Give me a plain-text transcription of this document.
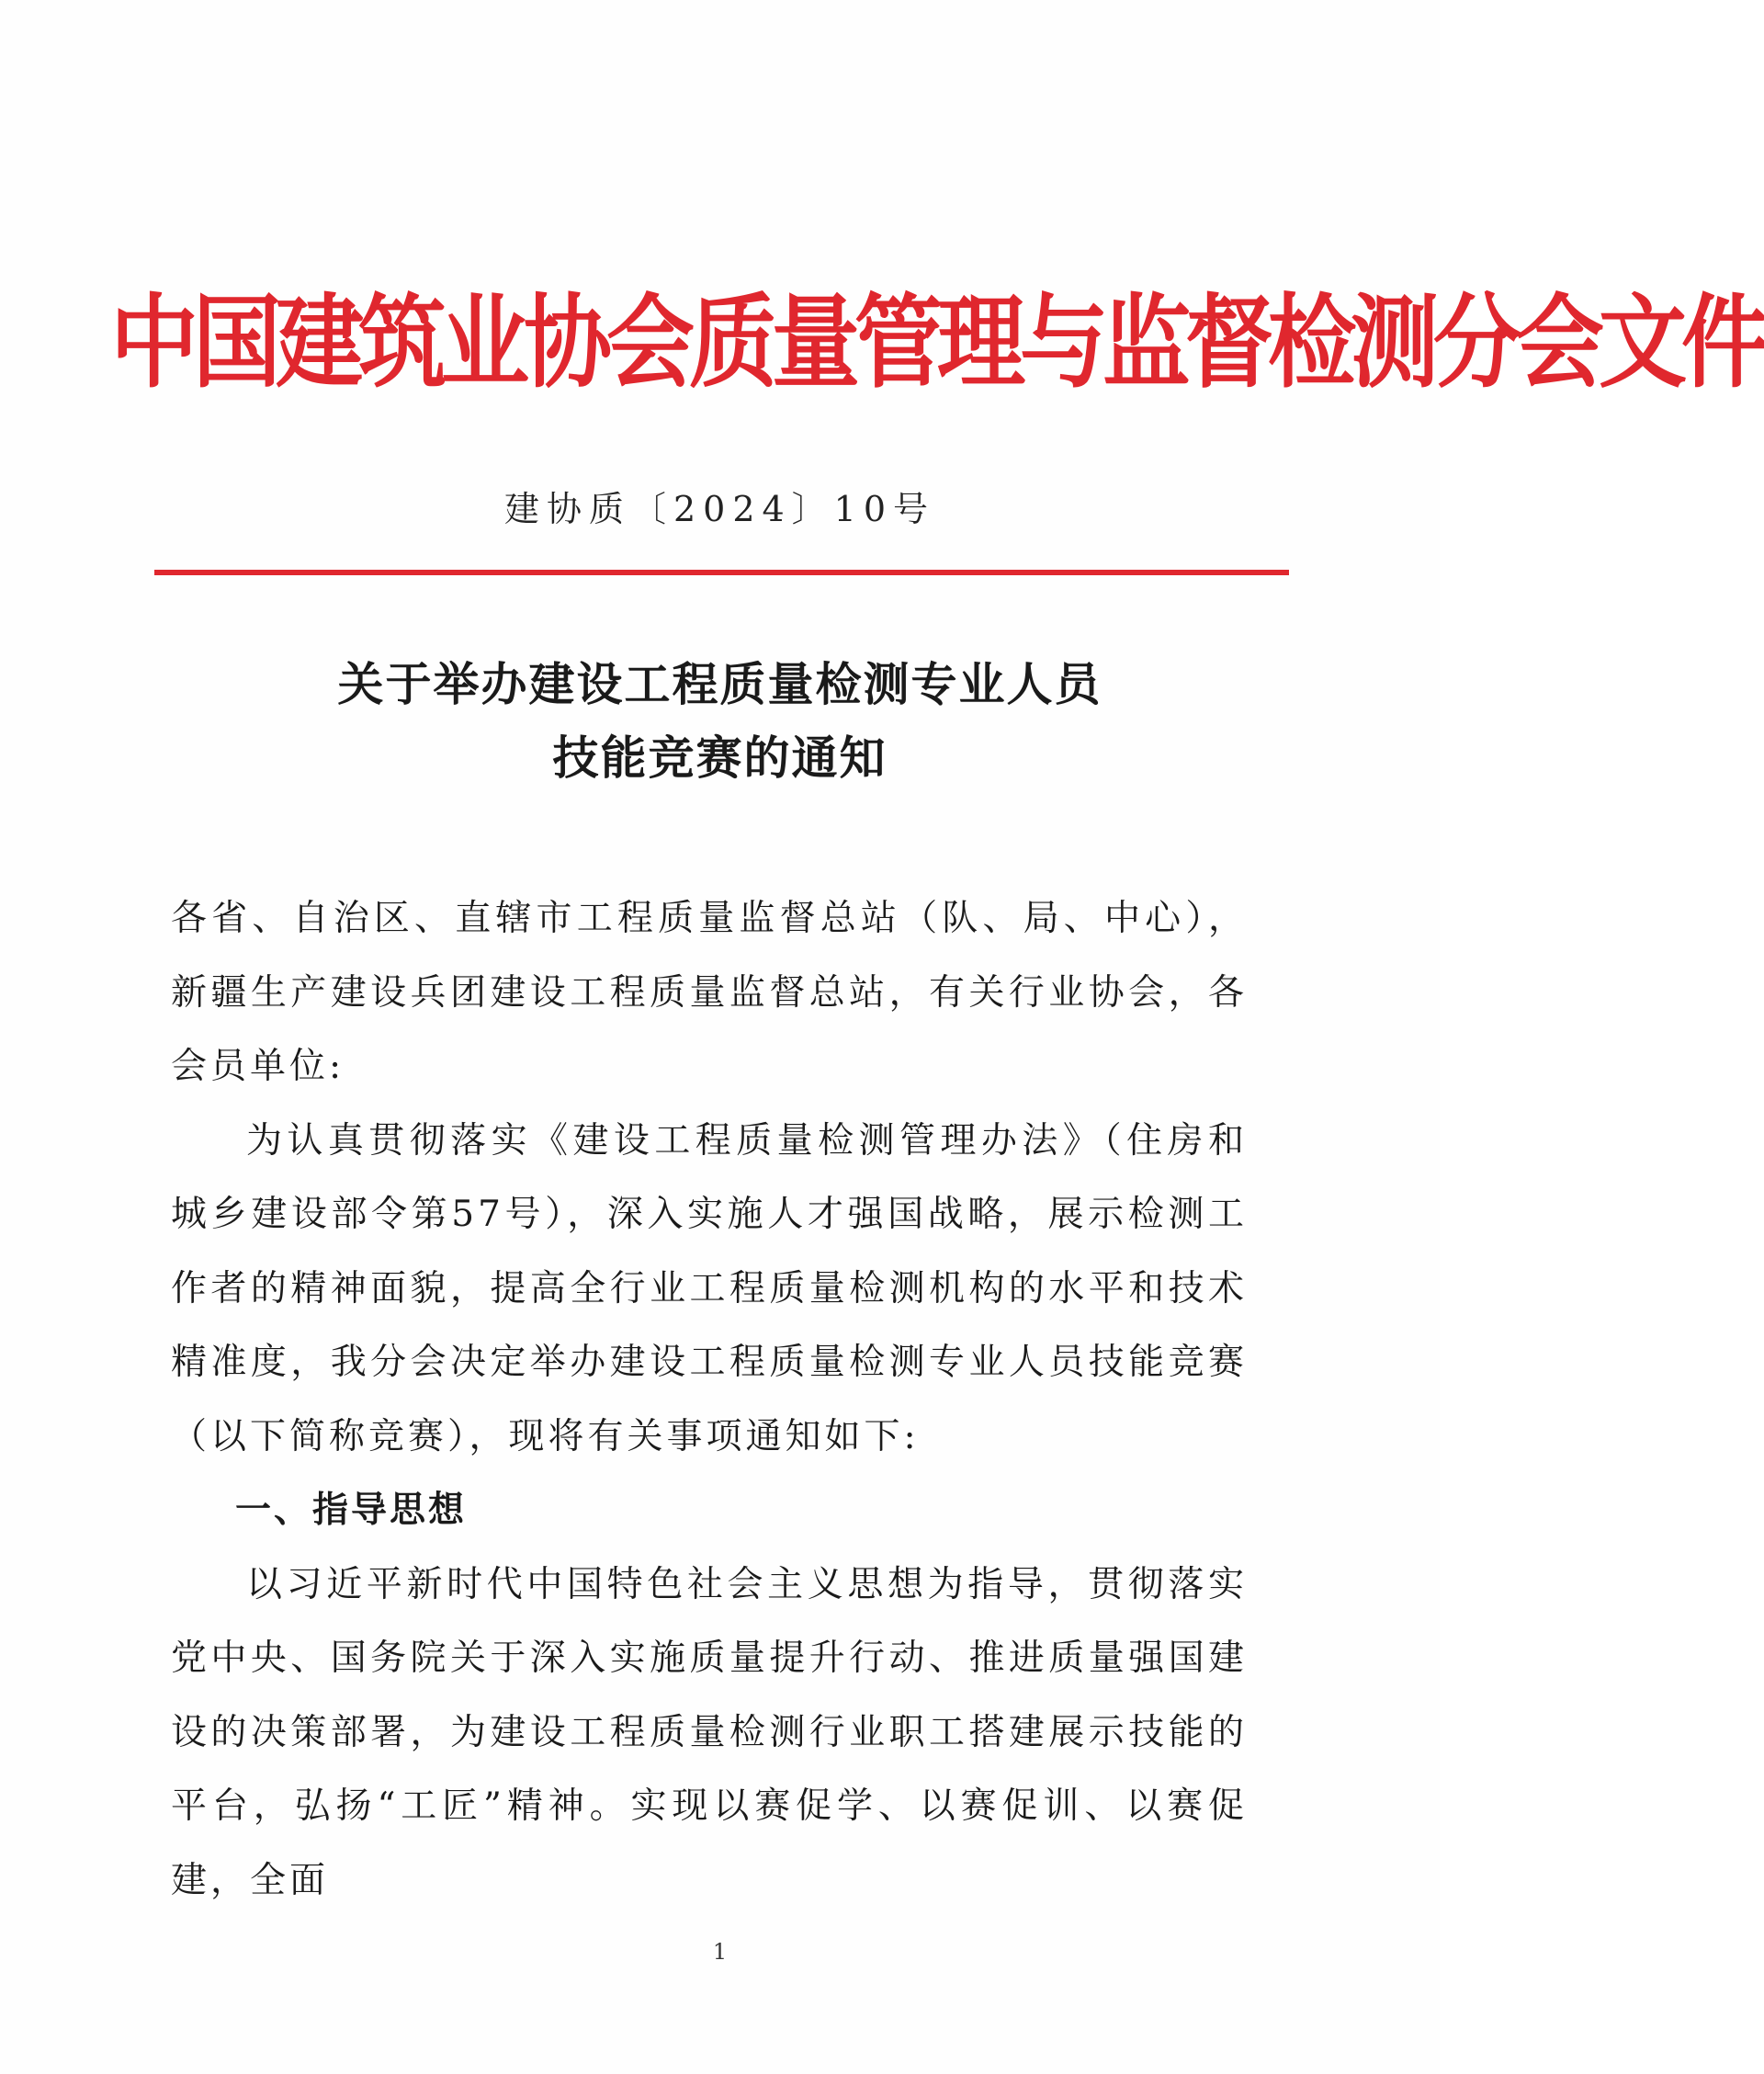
中国建筑业协会质量管理与监督检测分会文件
建协质〔2024〕10号
关于举办建设工程质量检测专业人员
技能竞赛的通知

各省、自治区、直辖市工程质量监督总站（队、局、中心），新疆生产建设兵团建设工程质量监督总站，有关行业协会，各会员单位:

为认真贯彻落实《建设工程质量检测管理办法》（住房和城乡建设部令第57号），深入实施人才强国战略，展示检测工作者的精神面貌，提高全行业工程质量检测机构的水平和技术精准度，我分会决定举办建设工程质量检测专业人员技能竞赛（以下简称竞赛），现将有关事项通知如下:

一、指导思想

以习近平新时代中国特色社会主义思想为指导，贯彻落实党中央、国务院关于深入实施质量提升行动、推进质量强国建设的决策部署，为建设工程质量检测行业职工搭建展示技能的平台，弘扬“工匠”精神。实现以赛促学、以赛促训、以赛促建，全面

1
